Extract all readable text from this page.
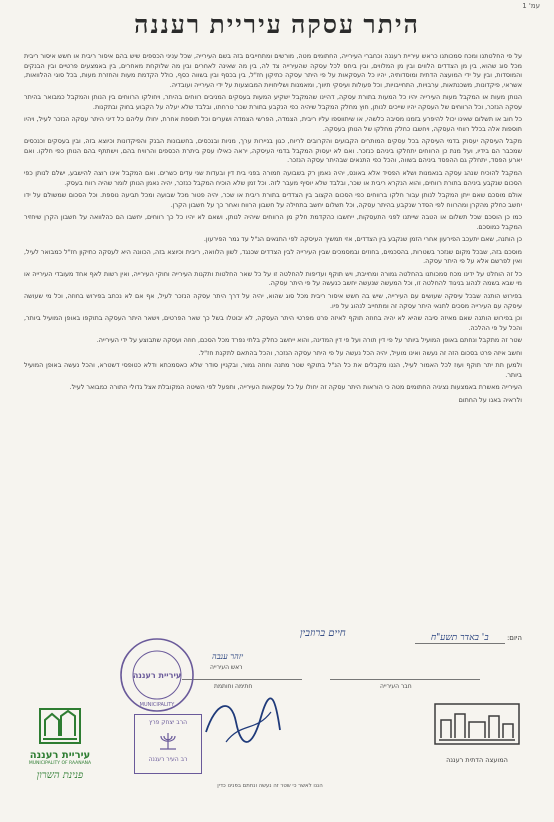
עמ' 1
היתר עסקה עיריית רעננה

על פי החלטתנו ומכח סמכותנו כראש עיריית רעננה וכחברי העירייה, החתומים מטה, מורשים ומתחייבים בזה בשם העירייה, שכל עניני הכספים שיש בהם איסור ריבית או חשש איסור ריבית מכל סוג שהוא, בין מן הצדדים הלווים ובין מן המלווים, ובין ביחס לכל עסקה שהעירייה צד לה, בין מה שאינה לאחרים ובין מה שלוקחת מאחרים, בין באמצעים פרטיים ובין הבנקים והמוסדות, ובין על ידי המועצה הדתית ומוסדותיה, יהיו כל העסקאות על פי היתר עסקה כתיקון חז"ל, בין בכסף ובין בשווה כסף, כולל הקדמת מעות והחזרת מעות, בכל סוגי ההלוואות, אשראי, פיקדונות, משכנתאות, ערבויות, התחייבויות, וכל פעולות ועיסקי תיווך, ומאמנות ושליחויות המבוצעות על ידי העירייה ועובדיה.

הנותן מעות או המקבל מעות העירייה יהיו כל המעות בתורת עסקה, דהיינו שהמקבל ישקיע המעות בעסקים המניבים רווחים בהיתר, ויחולקו הרווחים בין הנותן והמקבל כמבואר בהיתר עסקה הנזכר, וכל הרווחים של העסקה יהיו שייכים לנותן, חוץ מחלק המקבל שיהיה כפי הנקבע בתורת שכר טרחתו, ובלבד שלא יעלה על הקבוע בחוק ובתקנות.

כל חוב או תשלום שאינו יכול להיפרע בזמנו מסיבה כלשהי, או שיתווספו עליו ריבית, הצמדה, הפרשי הצמדה ושערים וכל תוספת אחרת, יחולו עליהם כל דיני היתר עסקה הנזכר לעיל, ויהיו תוספות אלה בכלל רווחי העסקה, ויחשבו כחלק מחלקו של הנותן בעסקה.

מקבל העיסקה יעסוק בדמי העיסקה בכל עסקים המותרים הקבועים והקרובים לריוח, כגון בניירות ערך, מניות ובנכסים, בחשבונות הבנק והפיקדונות וכיוצא בזה, ובין בעסקים וכנכסים שמכבר הם בידיו, ועל מנת כן הרווחים יתחלקו ביניהם כנזכר. ואם לא יעסוק המקבל בדמי העיסקה, יראה כאילו עסק ביתרת הכספים והרוויח בהם, וישתתף בהם הנותן כפי חלקו. ואם יארע הפסד, יתחלק גם ההפסד ביניהם בשווה, והכל כפי התנאים שבהיתר עסקה הנזכר.

המקבל להוכיח שנהג עסקה בנאמנות ושלא הפסיד אלא באונס, יהיה נאמן רק בשבועה חמורה בפני בית דין ובעדות שני עדים כשרים. ואם המקבל אינו רוצה להישבע, ישלם לנותן כפי הסכום שנקבע ביניהם בתורת רווחים, והוא הנקרא ריבית או שכר, ובלבד שלא יוסיף מעבר לזה. וכל זמן שלא הוכיח המקבל כנזכר, יהיה נאמן הנותן לומר שהיה רווח בעסק.

אולם מוסכם שאם ייתן המקבל לנותן עבור חלקו ברווחים כפי הסכום הקצוב בין הצדדים בתורת ריבית או שכר, יהיה פטור מכל שבועה ומכל תביעה נוספת. וכל הסכום שמשולם על ידו יחשב כחלק מהקרן ומהרווח לפי הסדר שנקבע בהיתר עסקה, וכל תשלום יחשב בתחילה על חשבון הרווח ואחר כך על חשבון הקרן.

כמו כן הוסכם שכל תשלום או הטבה שייתנו לפני התעסקות, ייחשבו כהקדמת חלק מן הרווחים שיהיה לנותן, ושאם לא יהיו כל כך רווחים, יחשבו הם כהלוואה על חשבון הקרן שיחזיר המקבל כמוסכם.

כן הותנה, שאם יתעכב הפירעון אחרי הזמן שנקבע בין הצדדים, אזי תמשיך העיסקה לפי התנאים הנ"ל עד גמר הפירעון.

מוסכם בזה, שבכל מקום שנזכר בשטרות, בהסכמים, בחוזים ובמסמכים שבין העירייה לבין הצדדים שכנגד, לשון הלוואה, ריבית וכיוצא בזה, הכוונה היא לעסקה כתיקון חז"ל כמבואר לעיל, ואין לפרשם אלא על פי היתר עסקה.

כל זה הוחלט על ידינו מכח סמכותנו בהחלטה גמורה ומחייבת, ויש תוקף ועדיפות להחלטה זו על כל שאר החלטות ותקנות העירייה וחוקי העירייה, ואין רשות לאף אחד מעובדי העירייה או מי שבא בשמה לנהוג בניגוד להחלטה זו, וכל המעשה שנעשה יחשב כנעשה על פי היתר עסקה.

בפירוש הותנה שבכל עיסקה שעושים עם העירייה, שיש בה חשש איסור ריבית מכל סוג שהוא, יהיה על דרך היתר עסקה הנזכר לעיל, אף אם לא נכתב בפירוש בחוזה, וכל מי שעושה עיסקה עם העירייה מסכים לתנאי היתר עסקה זה ומתחייב לנהוג על פיו.

וכן בפירוש הותנה שאם מאיזה סיבה שהיא לא יהיה בחוזה תוקף לאיזה פרט מפרטי היתר העסקה, לא יבוטלו בשל כך שאר הפרטים, וישאר היתר העסקה בתוקפו באופן המועיל ביותר, והכל על פי ההלכה.

שטר זה מתקבל ונחתם באופן המועיל ביותר על פי דין תורה ועל פי דין המדינה, והוא ייחשב כחלק בלתי נפרד מכל הסכם, חוזה ועסקה שתבוצע על ידי העירייה.

וחשב איזה פרט בסכום הזה זה נעשה ואינו מועיל, יהיה הכל נעשה על פי היתר עסקה הנזכר, והכל בהתאם לתקנת חז"ל.

ולמען תת יתר תוקף ועוז לכל האמור לעיל, הננו מקבלים את כל הנ"ל בתוקף שטר מתנה וחוזה גמור, ובקניין סודר שלא כאסמכתא ודלא כטופסי דשטרא, והכל נעשה באופן המועיל ביותר.

העירייה מאשרת באמצעות נציגיה החתומים מטה כי הוראות היתר עסקה זה יחולו על כל עסקאות העירייה, ותפעל לפי השיטה המקובלת אצל גדולי התורה כמבואר לעיל.

ולראיה באנו על החתום

היום: ב' באדר תשע"ח
חיים ברוזבין
יזהר ענבה
ראש העירייה
חתימה וחותמת	חבר העירייה
עיריית רעננה
MUNICIPALITY
הרב יצחק פרץ
רב העיר רעננה
עיריית רעננה
MUNICIPALITY OF RAANANA
פנינת השרון
המועצה הדתית רעננה
הננו לאשר כי שטר זה נעשה ונחתם בפנינו כדין
